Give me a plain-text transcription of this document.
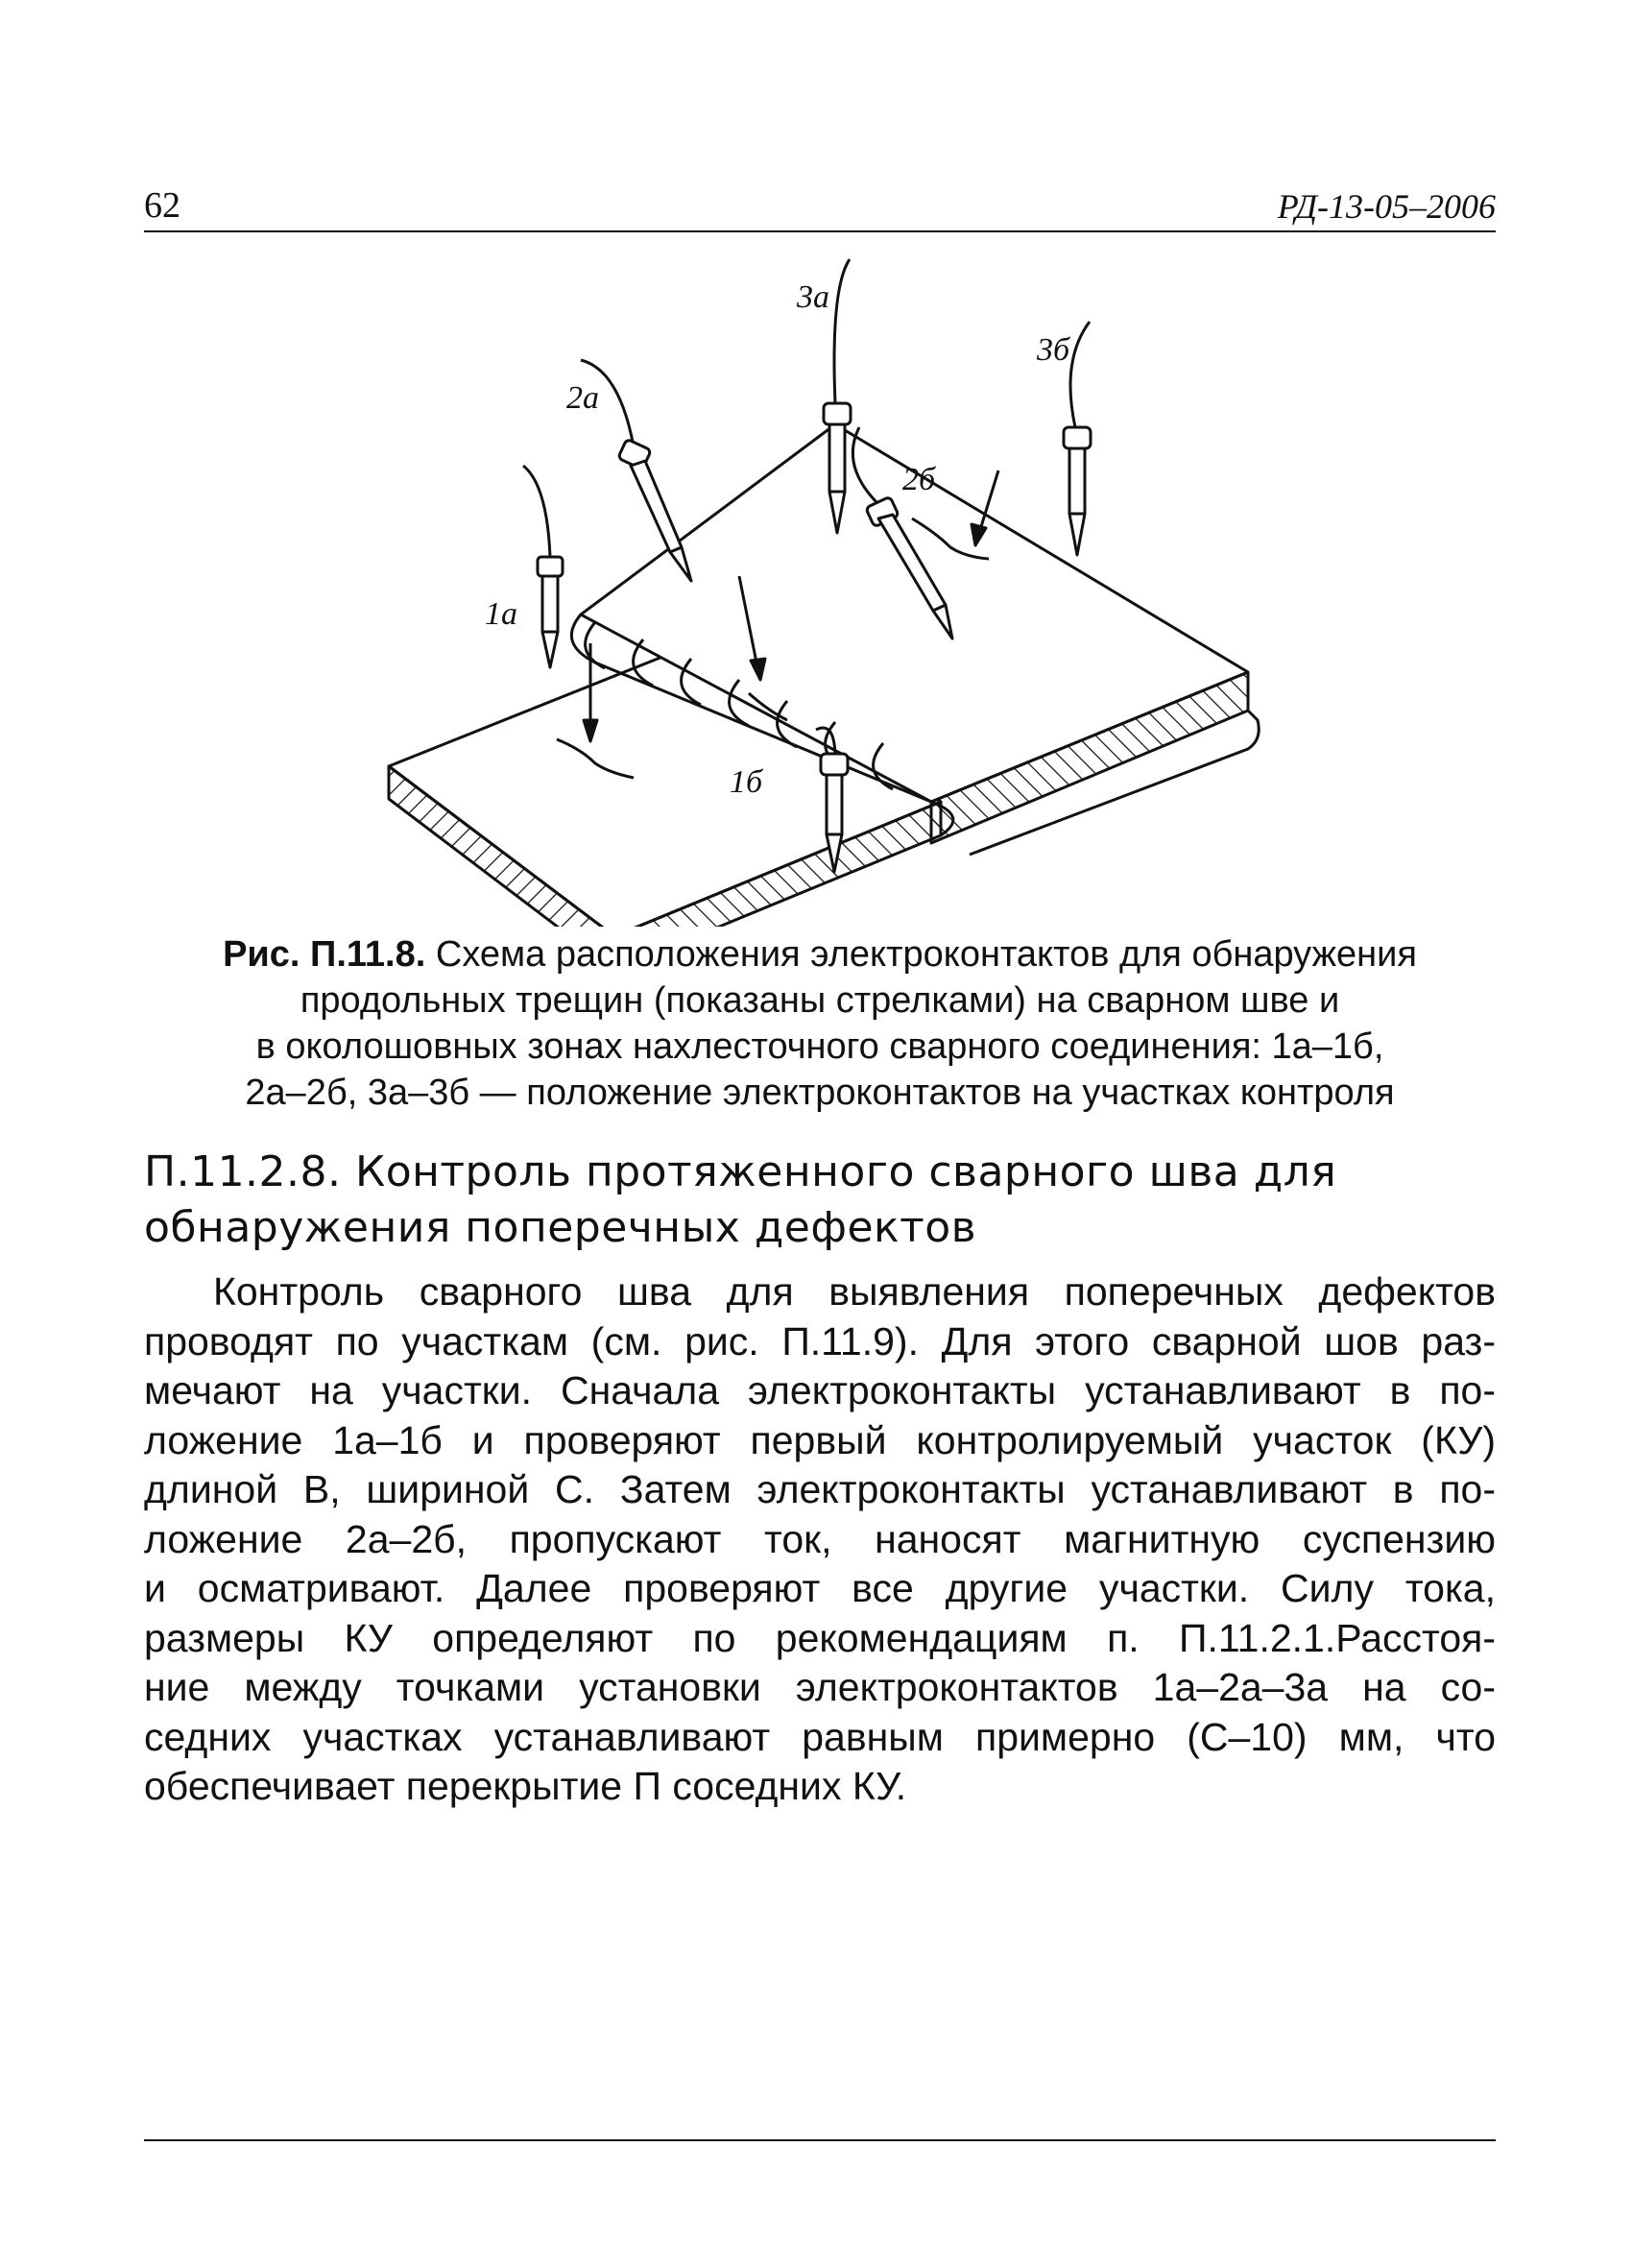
62	РД-13-05–2006
1а
2а
3а
3б
2б
1б
Рис. П.11.8. Схема расположения электроконтактов для обнаружения
продольных трещин (показаны стрелками) на сварном шве и
в околошовных зонах нахлесточного сварного соединения: 1а–1б,
2а–2б, 3а–3б — положение электроконтактов на участках контроля
П.11.2.8. Контроль протяженного сварного шва для
обнаружения поперечных дефектов
Контроль сварного шва для выявления поперечных дефектов
проводят по участкам (см. рис. П.11.9). Для этого сварной шов раз-
мечают на участки. Сначала электроконтакты устанавливают в по-
ложение 1а–1б и проверяют первый контролируемый участок (КУ)
длиной B, шириной C. Затем электроконтакты устанавливают в по-
ложение 2а–2б, пропускают ток, наносят магнитную суспензию
и осматривают. Далее проверяют все другие участки. Силу тока,
размеры КУ определяют по рекомендациям п. П.11.2.1.Расстоя-
ние между точками установки электроконтактов 1а–2а–3а на со-
седних участках устанавливают равным примерно (C–10) мм, что
обеспечивает перекрытие П соседних КУ.
